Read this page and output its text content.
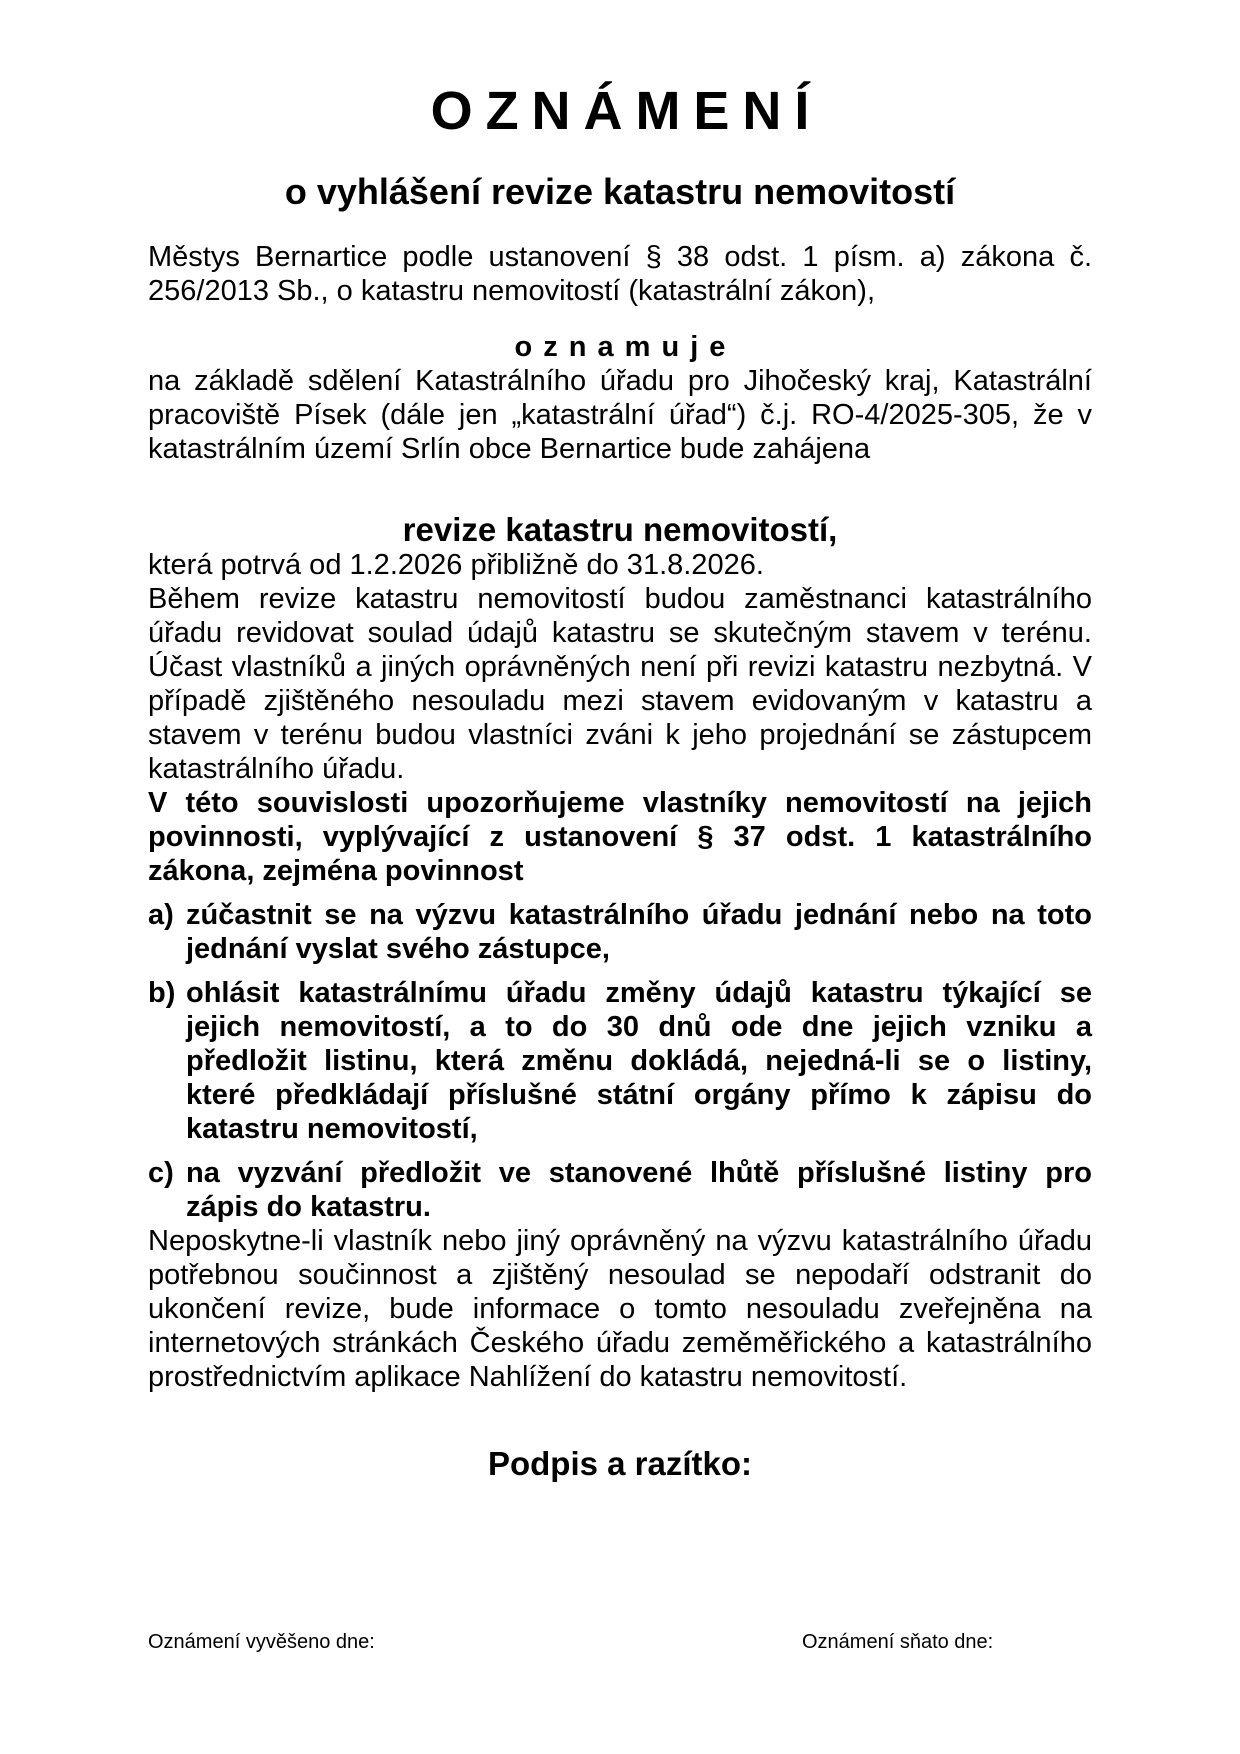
OZNÁMENÍ
o vyhlášení revize katastru nemovitostí

Městys Bernartice podle ustanovení § 38 odst. 1 písm. a) zákona č. 256/2013 Sb., o katastru nemovitostí (katastrální zákon),

oznamuje

na základě sdělení Katastrálního úřadu pro Jihočeský kraj, Katastrální pracoviště Písek (dále jen „katastrální úřad“) č.j. RO-4/2025-305, že v katastrálním území Srlín obce Bernartice bude zahájena

revize katastru nemovitostí,

která potrvá od 1.2.2026 přibližně do 31.8.2026.

Během revize katastru nemovitostí budou zaměstnanci katastrálního úřadu revidovat soulad údajů katastru se skutečným stavem v terénu. Účast vlastníků a jiných oprávněných není při revizi katastru nezbytná. V případě zjištěného nesouladu mezi stavem evidovaným v katastru a stavem v terénu budou vlastníci zváni k jeho projednání se zástupcem katastrálního úřadu.

V této souvislosti upozorňujeme vlastníky nemovitostí na jejich povinnosti, vyplývající z ustanovení § 37 odst. 1 katastrálního zákona, zejména povinnost

a) zúčastnit se na výzvu katastrálního úřadu jednání nebo na toto jednání vyslat svého zástupce,
b) ohlásit katastrálnímu úřadu změny údajů katastru týkající se jejich nemovitostí, a to do 30 dnů ode dne jejich vzniku a předložit listinu, která změnu dokládá, nejedná-li se o listiny, které předkládají příslušné státní orgány přímo k zápisu do katastru nemovitostí,
c) na vyzvání předložit ve stanovené lhůtě příslušné listiny pro zápis do katastru.

Neposkytne-li vlastník nebo jiný oprávněný na výzvu katastrálního úřadu potřebnou součinnost a zjištěný nesoulad se nepodaří odstranit do ukončení revize, bude informace o tomto nesouladu zveřejněna na internetových stránkách Českého úřadu zeměměřického a katastrálního prostřednictvím aplikace Nahlížení do katastru nemovitostí.

Podpis a razítko:
Oznámení vyvěšeno dne:	Oznámení sňato dne:
